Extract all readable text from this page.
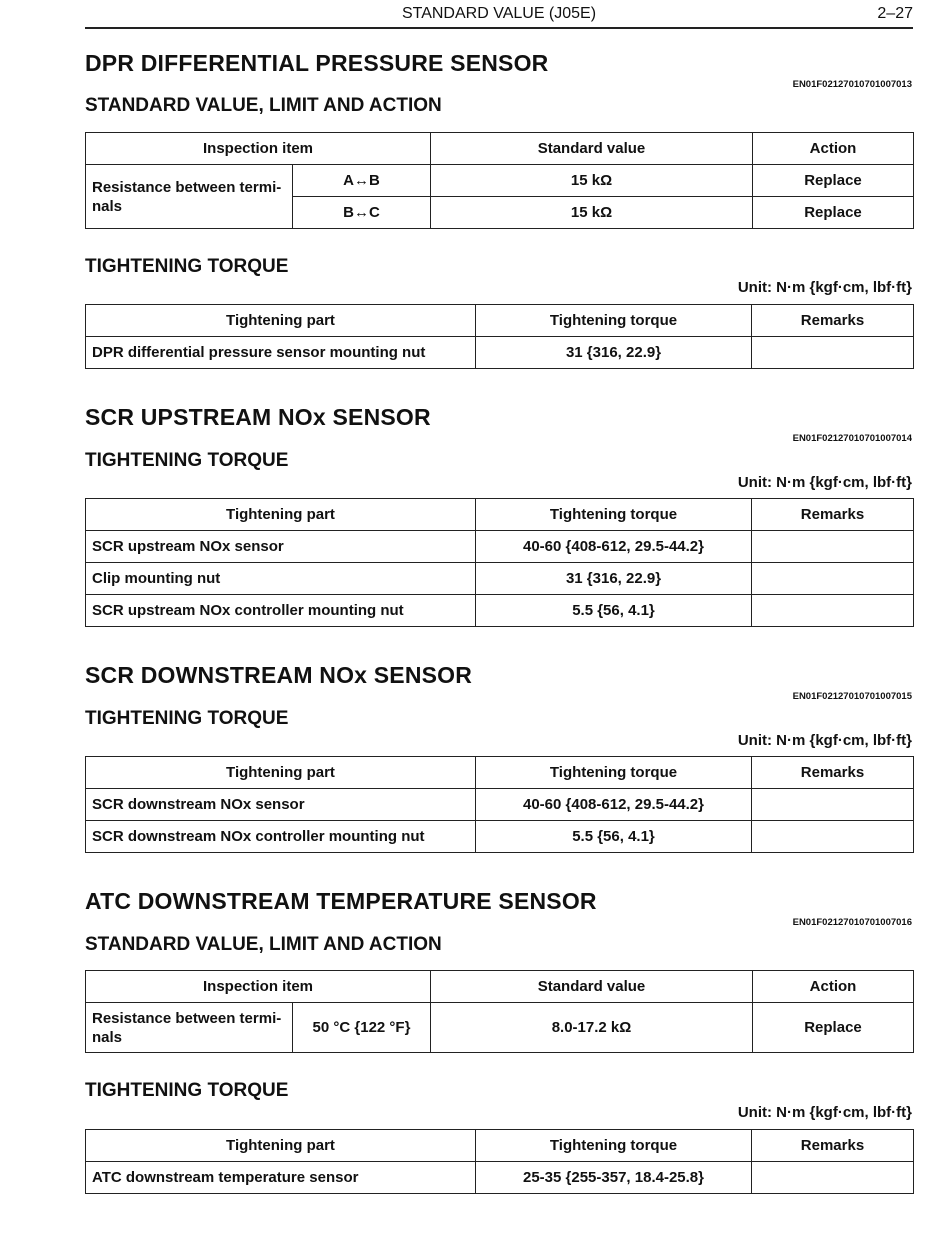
STANDARD VALUE (J05E)	2–27
DPR DIFFERENTIAL PRESSURE SENSOR
EN01F02127010701007013
STANDARD VALUE, LIMIT AND ACTION
Inspection item		Standard value	Action
Resistance between termi-
nals	A↔B	15 kΩ	Replace
	B↔C	15 kΩ	Replace
TIGHTENING TORQUE
Unit: N·m {kgf·cm, lbf·ft}
Tightening part	Tightening torque	Remarks
DPR differential pressure sensor mounting nut	31 {316, 22.9}	
SCR UPSTREAM NOx SENSOR
EN01F02127010701007014
TIGHTENING TORQUE
Unit: N·m {kgf·cm, lbf·ft}
Tightening part	Tightening torque	Remarks
SCR upstream NOx sensor	40-60 {408-612, 29.5-44.2}	
Clip mounting nut	31 {316, 22.9}	
SCR upstream NOx controller mounting nut	5.5 {56, 4.1}	
SCR DOWNSTREAM NOx SENSOR
EN01F02127010701007015
TIGHTENING TORQUE
Unit: N·m {kgf·cm, lbf·ft}
Tightening part	Tightening torque	Remarks
SCR downstream NOx sensor	40-60 {408-612, 29.5-44.2}	
SCR downstream NOx controller mounting nut	5.5 {56, 4.1}	
ATC DOWNSTREAM TEMPERATURE SENSOR
EN01F02127010701007016
STANDARD VALUE, LIMIT AND ACTION
Inspection item		Standard value	Action
Resistance between termi-
nals	50 °C {122 °F}	8.0-17.2 kΩ	Replace
TIGHTENING TORQUE
Unit: N·m {kgf·cm, lbf·ft}
Tightening part	Tightening torque	Remarks
ATC downstream temperature sensor	25-35 {255-357, 18.4-25.8}	
